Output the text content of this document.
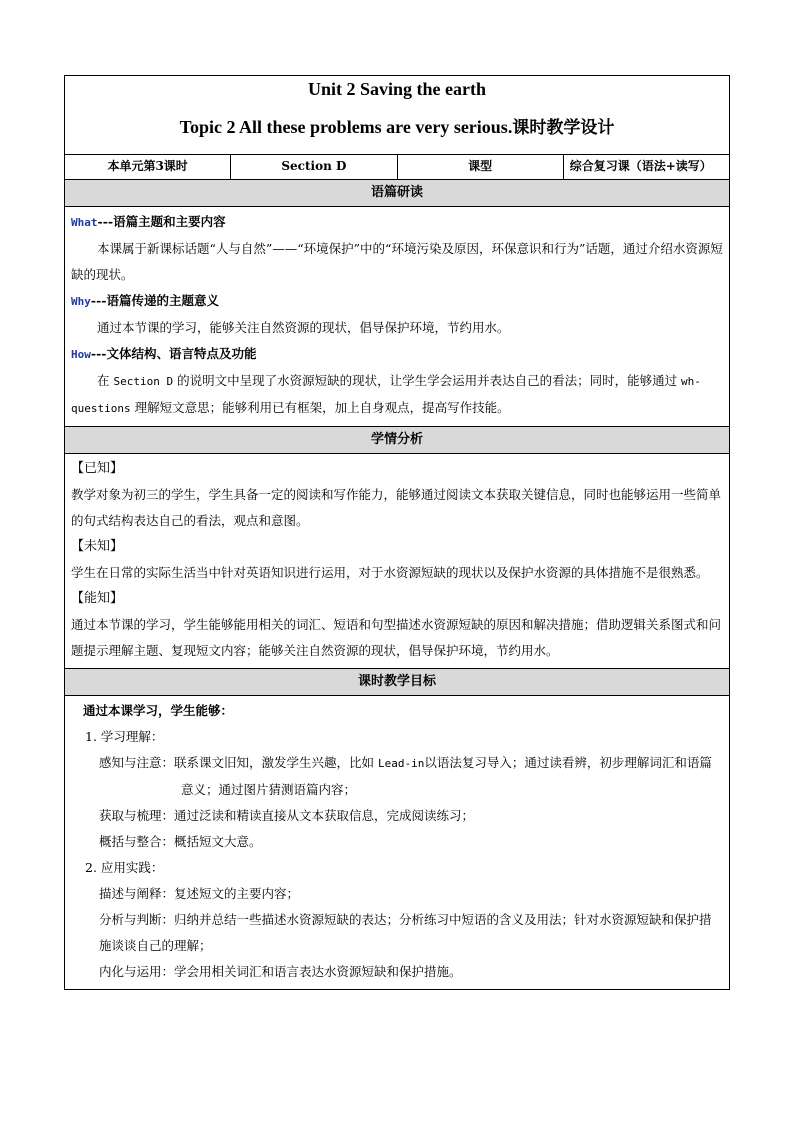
Unit 2 Saving the earth
Topic 2 All these problems are very serious.课时教学设计

本单元第3课时	Section D	课型	综合复习课（语法+读写）
语篇研读

What---语篇主题和主要内容

本课属于新课标话题“人与自然”——“环境保护”中的“环境污染及原因，环保意识和行为”话题，通过介绍水资源短缺的现状。

Why---语篇传递的主题意义

通过本节课的学习，能够关注自然资源的现状，倡导保护环境，节约用水。

How---文体结构、语言特点及功能

在 Section D 的说明文中呈现了水资源短缺的现状，让学生学会运用并表达自己的看法；同时，能够通过 wh-questions 理解短文意思；能够利用已有框架，加上自身观点，提高写作技能。

学情分析

【已知】

教学对象为初三的学生，学生具备一定的阅读和写作能力，能够通过阅读文本获取关键信息，同时也能够运用一些简单的句式结构表达自己的看法，观点和意图。

【未知】

学生在日常的实际生活当中针对英语知识进行运用，对于水资源短缺的现状以及保护水资源的具体措施不是很熟悉。

【能知】

通过本节课的学习，学生能够能用相关的词汇、短语和句型描述水资源短缺的原因和解决措施；借助逻辑关系图式和问题提示理解主题、复现短文内容；能够关注自然资源的现状，倡导保护环境，节约用水。

课时教学目标

通过本课学习，学生能够：

1. 学习理解：

感知与注意：联系课文旧知，激发学生兴趣，比如 Lead-in以语法复习导入；通过读看辨，初步理解词汇和语篇意义；通过图片猜测语篇内容；

获取与梳理：通过泛读和精读直接从文本获取信息，完成阅读练习；

概括与整合：概括短文大意。

2. 应用实践：

描述与阐释：复述短文的主要内容；

分析与判断：归纳并总结一些描述水资源短缺的表达；分析练习中短语的含义及用法；针对水资源短缺和保护措施谈谈自己的理解；

内化与运用：学会用相关词汇和语言表达水资源短缺和保护措施。
